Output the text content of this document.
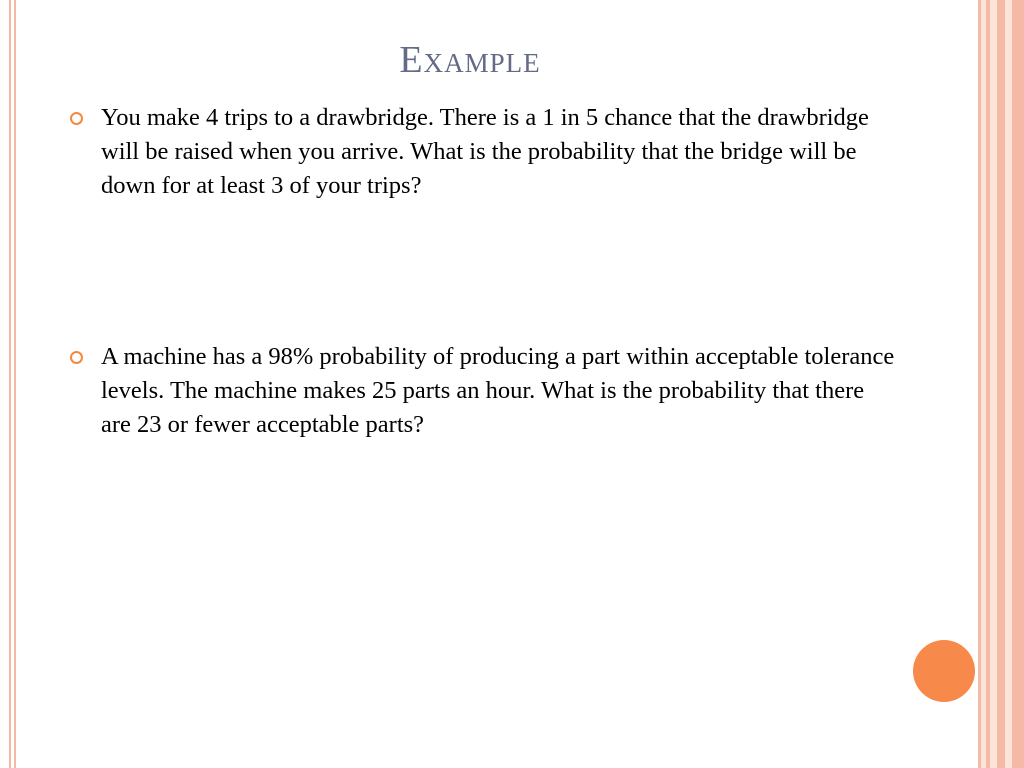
Example
You make 4 trips to a drawbridge. There is a 1 in 5 chance that the drawbridge will be raised when you arrive. What is the probability that the bridge will be down for at least 3 of your trips?
A machine has a 98% probability of producing a part within acceptable tolerance levels. The machine makes 25 parts an hour. What is the probability that there are 23 or fewer acceptable parts?
